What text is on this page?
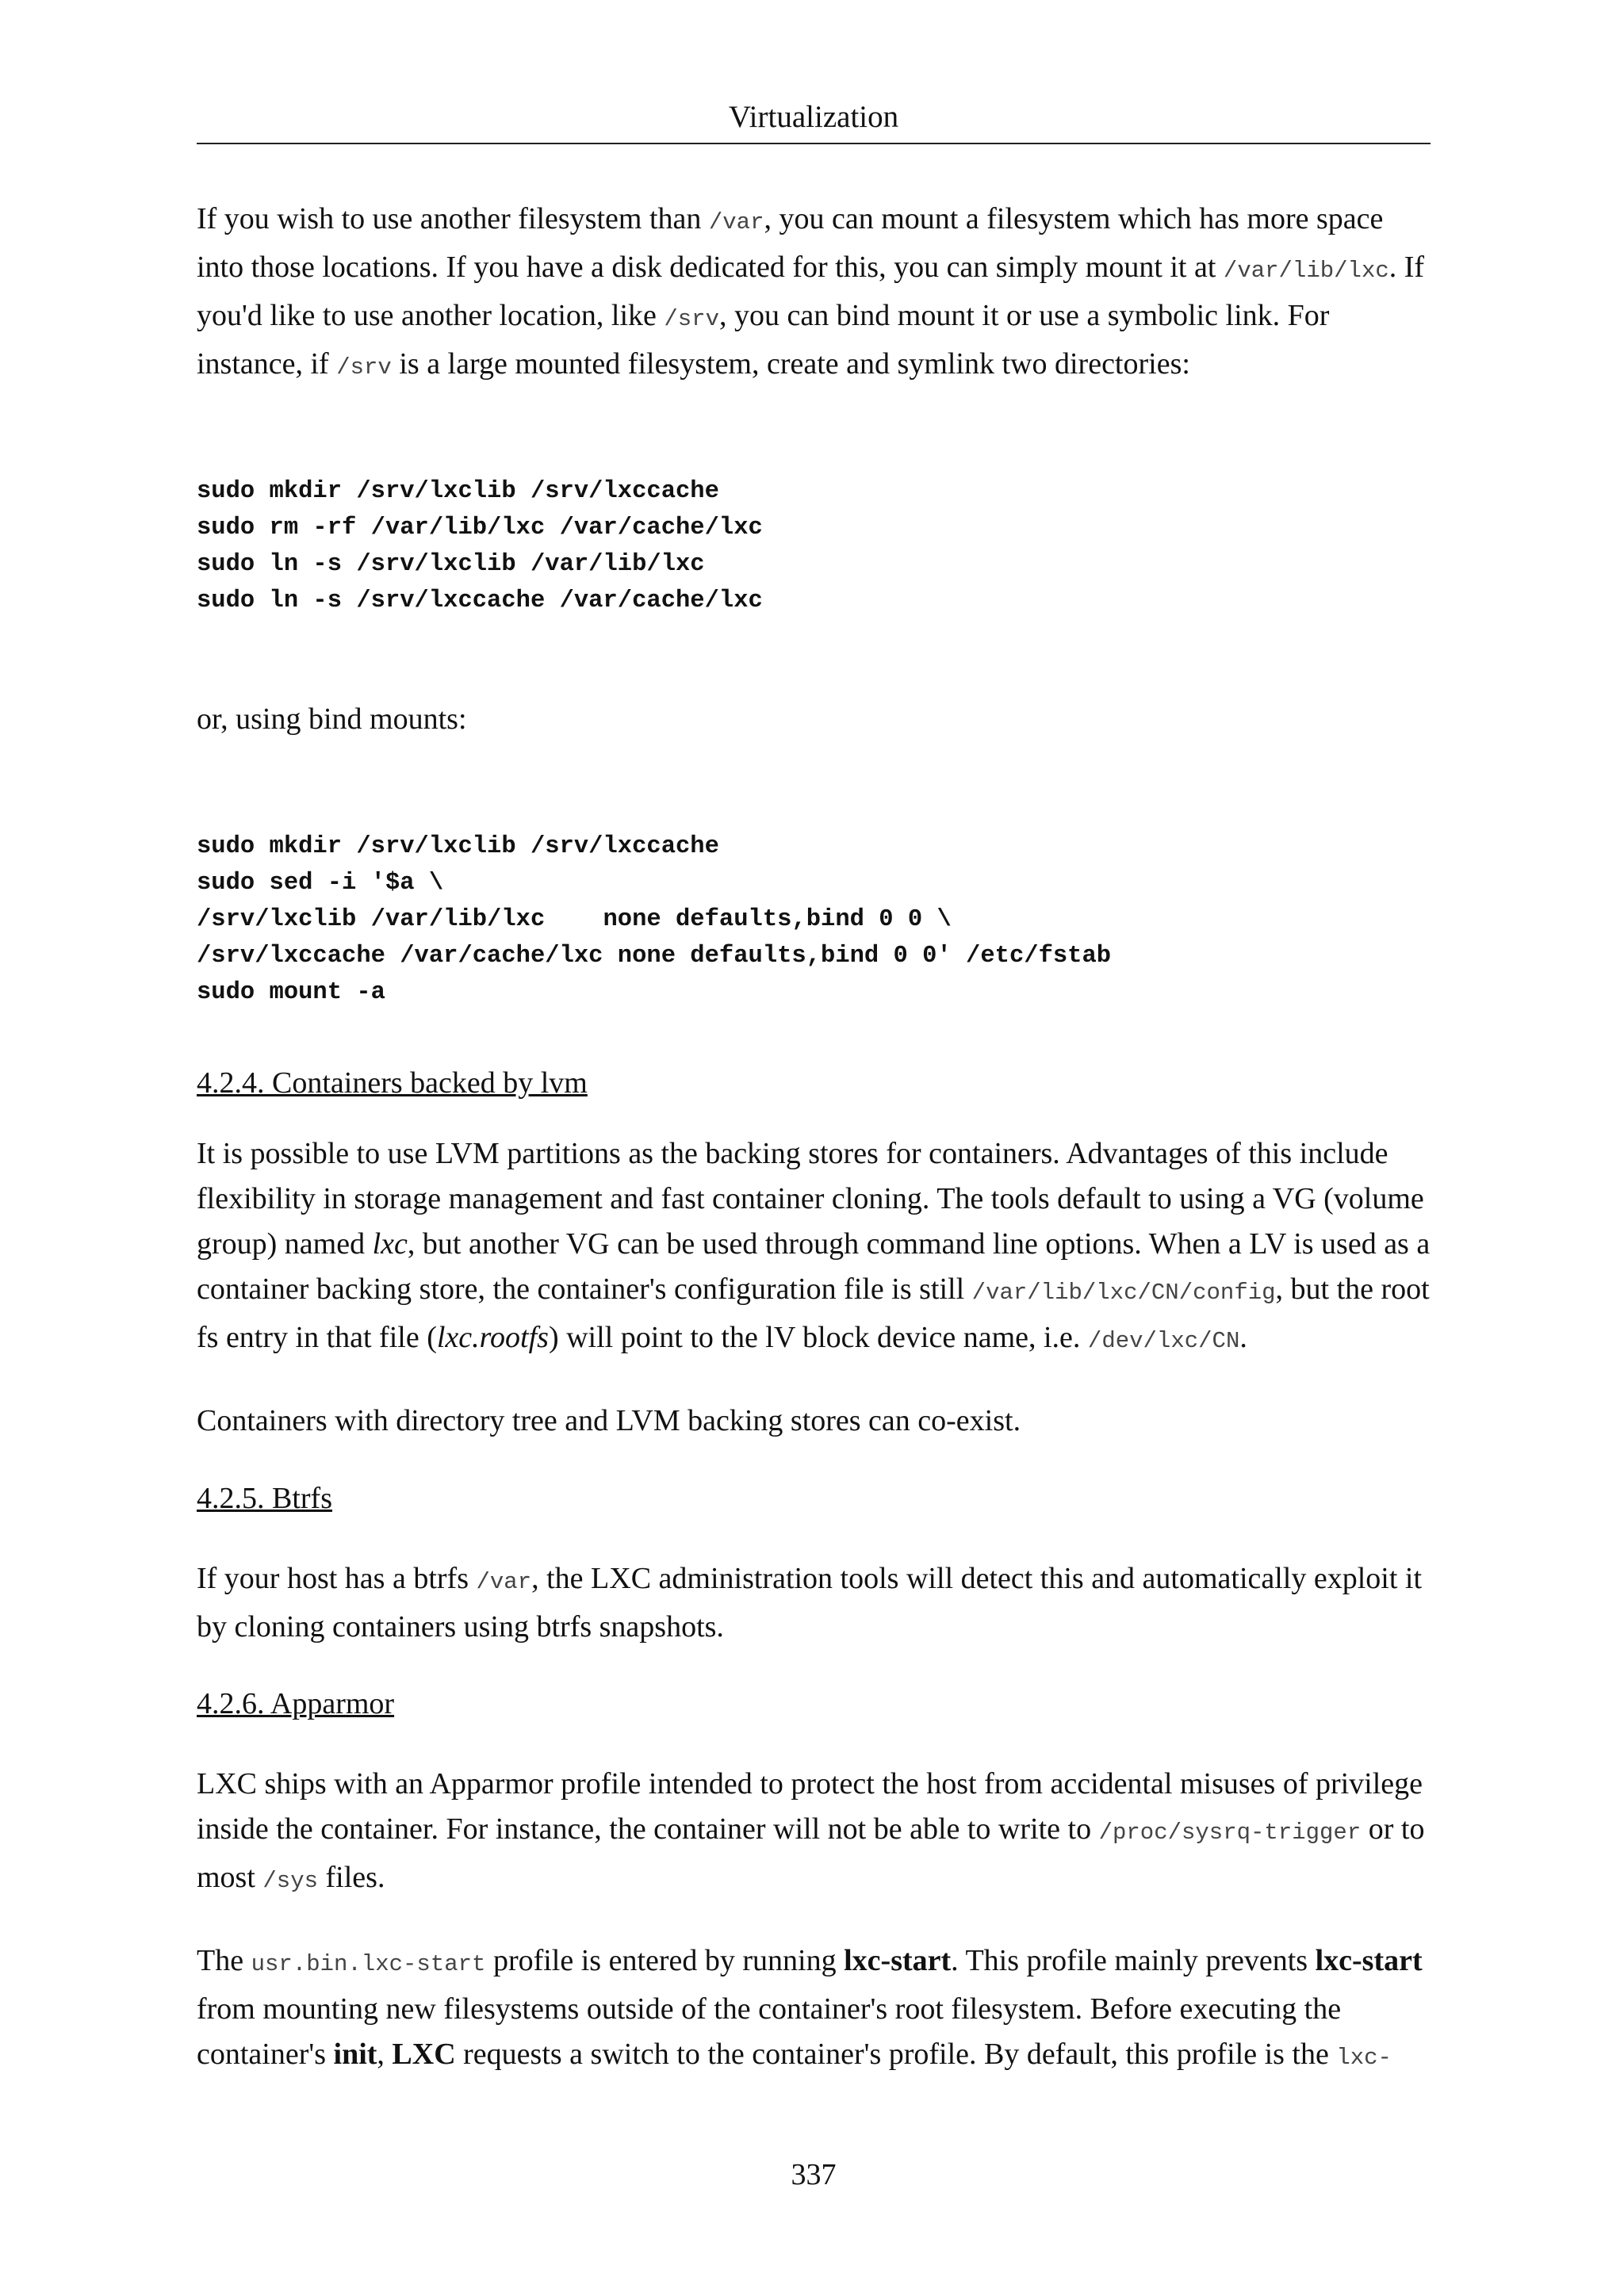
Virtualization

If you wish to use another filesystem than /var, you can mount a filesystem which has more space into those locations. If you have a disk dedicated for this, you can simply mount it at /var/lib/lxc. If you'd like to use another location, like /srv, you can bind mount it or use a symbolic link. For instance, if /srv is a large mounted filesystem, create and symlink two directories:

sudo mkdir /srv/lxclib /srv/lxccache
sudo rm -rf /var/lib/lxc /var/cache/lxc
sudo ln -s /srv/lxclib /var/lib/lxc
sudo ln -s /srv/lxccache /var/cache/lxc

or, using bind mounts:

sudo mkdir /srv/lxclib /srv/lxccache
sudo sed -i '$a \
/srv/lxclib /var/lib/lxc    none defaults,bind 0 0 \
/srv/lxccache /var/cache/lxc none defaults,bind 0 0' /etc/fstab
sudo mount -a

4.2.4. Containers backed by lvm

It is possible to use LVM partitions as the backing stores for containers. Advantages of this include flexibility in storage management and fast container cloning. The tools default to using a VG (volume group) named lxc, but another VG can be used through command line options. When a LV is used as a container backing store, the container's configuration file is still /var/lib/lxc/CN/config, but the root fs entry in that file (lxc.rootfs) will point to the lV block device name, i.e. /dev/lxc/CN.

Containers with directory tree and LVM backing stores can co-exist.

4.2.5. Btrfs

If your host has a btrfs /var, the LXC administration tools will detect this and automatically exploit it by cloning containers using btrfs snapshots.

4.2.6. Apparmor

LXC ships with an Apparmor profile intended to protect the host from accidental misuses of privilege inside the container. For instance, the container will not be able to write to /proc/sysrq-trigger or to most /sys files.

The usr.bin.lxc-start profile is entered by running lxc-start. This profile mainly prevents lxc-start from mounting new filesystems outside of the container's root filesystem. Before executing the container's init, LXC requests a switch to the container's profile. By default, this profile is the lxc-

337
